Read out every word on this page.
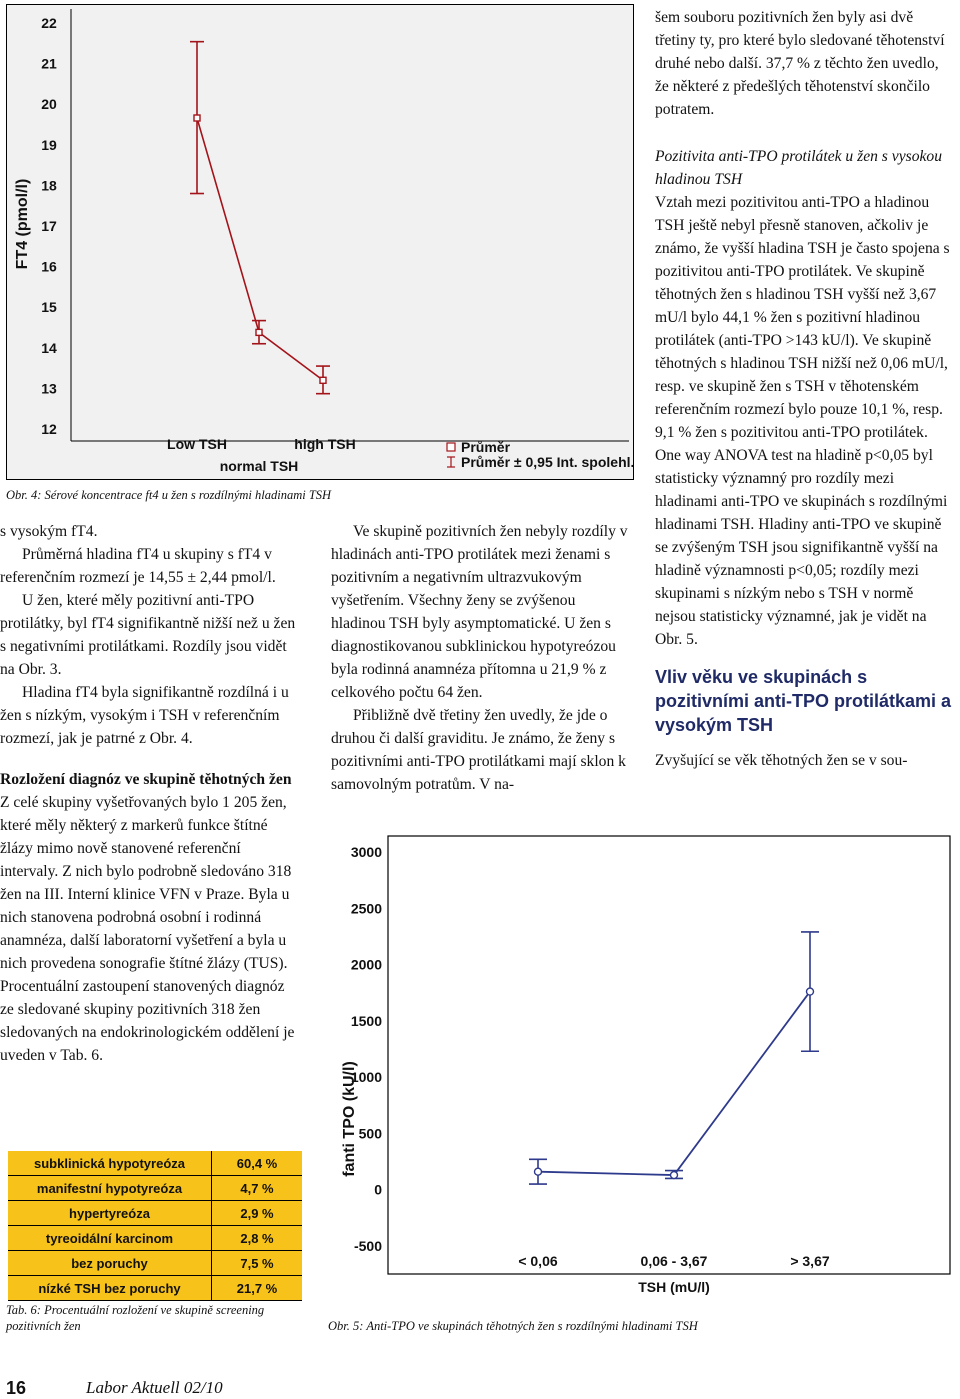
22
21
20
19
18
17
16
15
14
13
12
FT4 (pmol/l)
Low TSH
normal TSH
high TSH	Průměr
Průměr ± 0,95 Int. spolehl.
Obr. 4: Sérové koncentrace ft4 u žen s rozdílnými hladinami TSH

s vysokým fT4.

Průměrná hladina fT4 u skupiny s fT4 v referenčním rozmezí je 14,55 ± 2,44 pmol/l.

U žen, které měly pozitivní anti-TPO protilátky, byl fT4 signifikantně nižší než u žen s negativními protilátkami. Rozdíly jsou vidět na Obr. 3.

Hladina fT4 byla signifikantně rozdílná i u žen s nízkým, vysokým i TSH v referenčním rozmezí, jak je patrné z Obr. 4.

Rozložení diagnóz ve skupině těhotných žen

Z celé skupiny vyšetřovaných bylo 1 205 žen, které měly některý z markerů funkce štítné žlázy mimo nově stanovené referenční intervaly. Z nich bylo podrobně sledováno 318 žen na III. Interní klinice VFN v Praze. Byla u nich stanovena podrobná osobní i rodinná anamnéza, další laboratorní vyšetření a byla u nich provedena sonografie štítné žlázy (TUS). Procentuální zastoupení stanovených diagnóz ze sledované skupiny pozitivních 318 žen sledovaných na endokrinologickém oddělení je uveden v Tab. 6.

subklinická hypotyreóza	60,4 %
manifestní hypotyreóza	4,7 %
hypertyreóza	2,9 %
tyreoidální karcinom	2,8 %
bez poruchy	7,5 %
nízké TSH bez poruchy	21,7 %
Tab. 6: Procentuální rozložení ve skupině screening pozitivních žen

Ve skupině pozitivních žen nebyly rozdíly v hladinách anti-TPO protilátek mezi ženami s pozitivním a negativním ultrazvukovým vyšetřením. Všechny ženy se zvýšenou hladinou TSH byly asymptomatické. U žen s diagnostikovanou subklinickou hypotyreózou byla rodinná anamnéza přítomna u 21,9 % z celkového počtu 64 žen.

Přibližně dvě třetiny žen uvedly, že jde o druhou či další graviditu. Je známo, že ženy s pozitivními anti-TPO protilátkami mají sklon k samovolným potratům. V na-

3000
2500
2000
1500
1000
500
0
-500
fanti TPO (kU/l)
< 0,06	0,06 - 3,67	> 3,67
TSH (mU/l)
Obr. 5: Anti-TPO ve skupinách těhotných žen s rozdílnými hladinami TSH

šem souboru pozitivních žen byly asi dvě třetiny ty, pro které bylo sledované těhotenství druhé nebo další. 37,7 % z těchto žen uvedlo, že některé z předešlých těhotenství skončilo potratem.

Pozitivita anti-TPO protilátek u žen s vysokou hladinou TSH

Vztah mezi pozitivitou anti-TPO a hladinou TSH ještě nebyl přesně stanoven, ačkoliv je známo, že vyšší hladina TSH je často spojena s pozitivitou anti-TPO protilátek. Ve skupině těhotných žen s hladinou TSH vyšší než 3,67 mU/l bylo 44,1 % žen s pozitivní hladinou protilátek (anti-TPO >143 kU/l). Ve skupině těhotných s hladinou TSH nižší než 0,06 mU/l, resp. ve skupině žen s TSH v těhotenském referenčním rozmezí bylo pouze 10,1 %, resp. 9,1 % žen s pozitivitou anti-TPO protilátek. One way ANOVA test na hladině p<0,05 byl statisticky významný pro rozdíly mezi hladinami anti-TPO ve skupinách s rozdílnými hladinami TSH. Hladiny anti-TPO ve skupině se zvýšeným TSH jsou signifikantně vyšší na hladině významnosti p<0,05; rozdíly mezi skupinami s nízkým nebo s TSH v normě nejsou statisticky významné, jak je vidět na Obr. 5.

Vliv věku ve skupinách s pozitivními anti-TPO protilátkami a vysokým TSH

Zvyšující se věk těhotných žen se v sou-

16	Labor Aktuell 02/10
